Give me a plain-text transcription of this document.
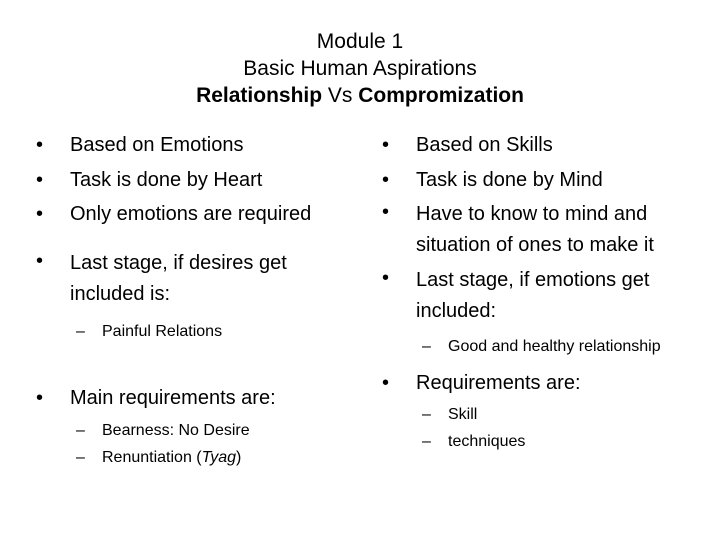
Module 1
Basic Human Aspirations
Relationship Vs Compromization
• Based on Emotions
• Task is done by Heart
• Only emotions are required
• Last stage, if desires get included is:
– Painful Relations
• Main requirements are:
– Bearness: No Desire
– Renuntiation (Tyag)
• Based on Skills
• Task is done by Mind
• Have to know to mind and situation of ones to make it
• Last stage, if emotions get included:
– Good and healthy relationship
• Requirements are:
– Skill
– techniques
